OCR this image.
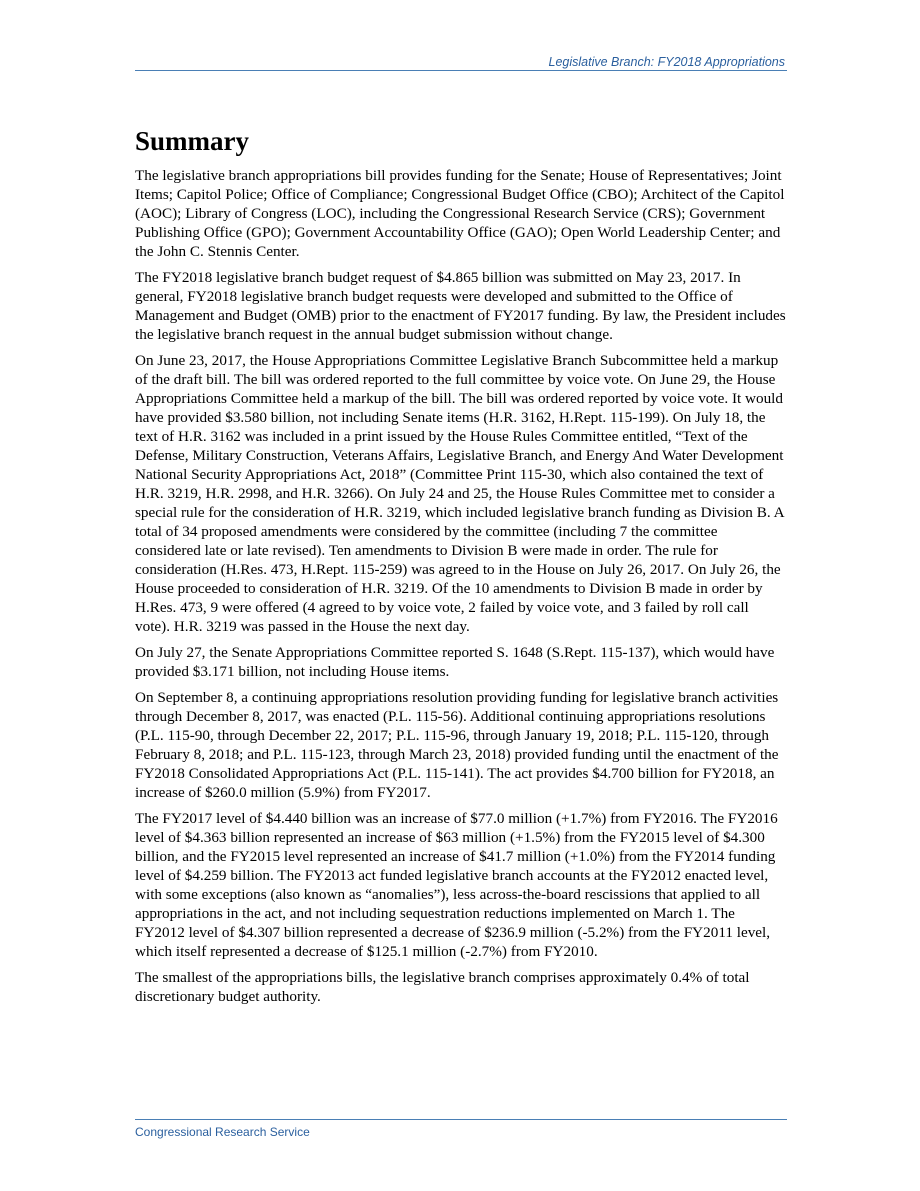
Legislative Branch: FY2018 Appropriations
Summary

The legislative branch appropriations bill provides funding for the Senate; House of Representatives; Joint Items; Capitol Police; Office of Compliance; Congressional Budget Office (CBO); Architect of the Capitol (AOC); Library of Congress (LOC), including the Congressional Research Service (CRS); Government Publishing Office (GPO); Government Accountability Office (GAO); Open World Leadership Center; and the John C. Stennis Center.

The FY2018 legislative branch budget request of $4.865 billion was submitted on May 23, 2017. In general, FY2018 legislative branch budget requests were developed and submitted to the Office of Management and Budget (OMB) prior to the enactment of FY2017 funding. By law, the President includes the legislative branch request in the annual budget submission without change.

On June 23, 2017, the House Appropriations Committee Legislative Branch Subcommittee held a markup of the draft bill. The bill was ordered reported to the full committee by voice vote. On June 29, the House Appropriations Committee held a markup of the bill. The bill was ordered reported by voice vote. It would have provided $3.580 billion, not including Senate items (H.R. 3162, H.Rept. 115-199). On July 18, the text of H.R. 3162 was included in a print issued by the House Rules Committee entitled, “Text of the Defense, Military Construction, Veterans Affairs, Legislative Branch, and Energy And Water Development National Security Appropriations Act, 2018” (Committee Print 115-30, which also contained the text of H.R. 3219, H.R. 2998, and H.R. 3266). On July 24 and 25, the House Rules Committee met to consider a special rule for the consideration of H.R. 3219, which included legislative branch funding as Division B. A total of 34 proposed amendments were considered by the committee (including 7 the committee considered late or late revised). Ten amendments to Division B were made in order. The rule for consideration (H.Res. 473, H.Rept. 115-259) was agreed to in the House on July 26, 2017. On July 26, the House proceeded to consideration of H.R. 3219. Of the 10 amendments to Division B made in order by H.Res. 473, 9 were offered (4 agreed to by voice vote, 2 failed by voice vote, and 3 failed by roll call vote). H.R. 3219 was passed in the House the next day.

On July 27, the Senate Appropriations Committee reported S. 1648 (S.Rept. 115-137), which would have provided $3.171 billion, not including House items.

On September 8, a continuing appropriations resolution providing funding for legislative branch activities through December 8, 2017, was enacted (P.L. 115-56). Additional continuing appropriations resolutions (P.L. 115-90, through December 22, 2017; P.L. 115-96, through January 19, 2018; P.L. 115-120, through February 8, 2018; and P.L. 115-123, through March 23, 2018) provided funding until the enactment of the FY2018 Consolidated Appropriations Act (P.L. 115-141). The act provides $4.700 billion for FY2018, an increase of $260.0 million (5.9%) from FY2017.

The FY2017 level of $4.440 billion was an increase of $77.0 million (+1.7%) from FY2016. The FY2016 level of $4.363 billion represented an increase of $63 million (+1.5%) from the FY2015 level of $4.300 billion, and the FY2015 level represented an increase of $41.7 million (+1.0%) from the FY2014 funding level of $4.259 billion. The FY2013 act funded legislative branch accounts at the FY2012 enacted level, with some exceptions (also known as “anomalies”), less across-the-board rescissions that applied to all appropriations in the act, and not including sequestration reductions implemented on March 1. The FY2012 level of $4.307 billion represented a decrease of $236.9 million (-5.2%) from the FY2011 level, which itself represented a decrease of $125.1 million (-2.7%) from FY2010.

The smallest of the appropriations bills, the legislative branch comprises approximately 0.4% of total discretionary budget authority.

Congressional Research Service
